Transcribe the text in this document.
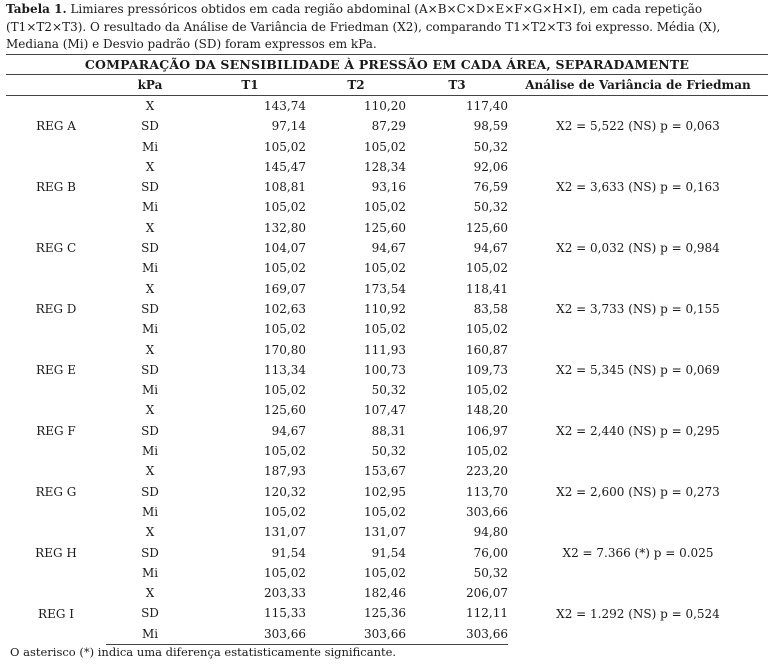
Tabela 1. Limiares pressóricos obtidos em cada região abdominal (A×B×C×D×E×F×G×H×I), em cada repetição (T1×T2×T3). O resultado da Análise de Variância de Friedman (X2), comparando T1×T2×T3 foi expresso. Média (X), Mediana (Mi) e Desvio padrão (SD) foram expressos em kPa.
COMPARAÇÃO DA SENSIBILIDADE À PRESSÃO EM CADA ÁREA, SEPARADAMENTE					
	kPa	T1	T2	T3	Análise de Variância de Friedman
REG A	X	143,74	110,20	117,40	X2 = 5,522 (NS) p = 0,063
	SD	97,14	87,29	98,59	
	Mi	105,02	105,02	50,32	
REG B	X	145,47	128,34	92,06	X2 = 3,633 (NS) p = 0,163
	SD	108,81	93,16	76,59	
	Mi	105,02	105,02	50,32	
REG C	X	132,80	125,60	125,60	X2 = 0,032 (NS) p = 0,984
	SD	104,07	94,67	94,67	
	Mi	105,02	105,02	105,02	
REG D	X	169,07	173,54	118,41	X2 = 3,733 (NS) p = 0,155
	SD	102,63	110,92	83,58	
	Mi	105,02	105,02	105,02	
REG E	X	170,80	111,93	160,87	X2 = 5,345 (NS) p = 0,069
	SD	113,34	100,73	109,73	
	Mi	105,02	50,32	105,02	
REG F	X	125,60	107,47	148,20	X2 = 2,440 (NS) p = 0,295
	SD	94,67	88,31	106,97	
	Mi	105,02	50,32	105,02	
REG G	X	187,93	153,67	223,20	X2 = 2,600 (NS) p = 0,273
	SD	120,32	102,95	113,70	
	Mi	105,02	105,02	303,66	
REG H	X	131,07	131,07	94,80	X2 = 7.366 (*) p = 0.025
	SD	91,54	91,54	76,00	
	Mi	105,02	105,02	50,32	
REG I	X	203,33	182,46	206,07	X2 = 1.292 (NS) p = 0,524
	SD	115,33	125,36	112,11	
	Mi	303,66	303,66	303,66	
O asterisco (*) indica uma diferença estatisticamente significante.
